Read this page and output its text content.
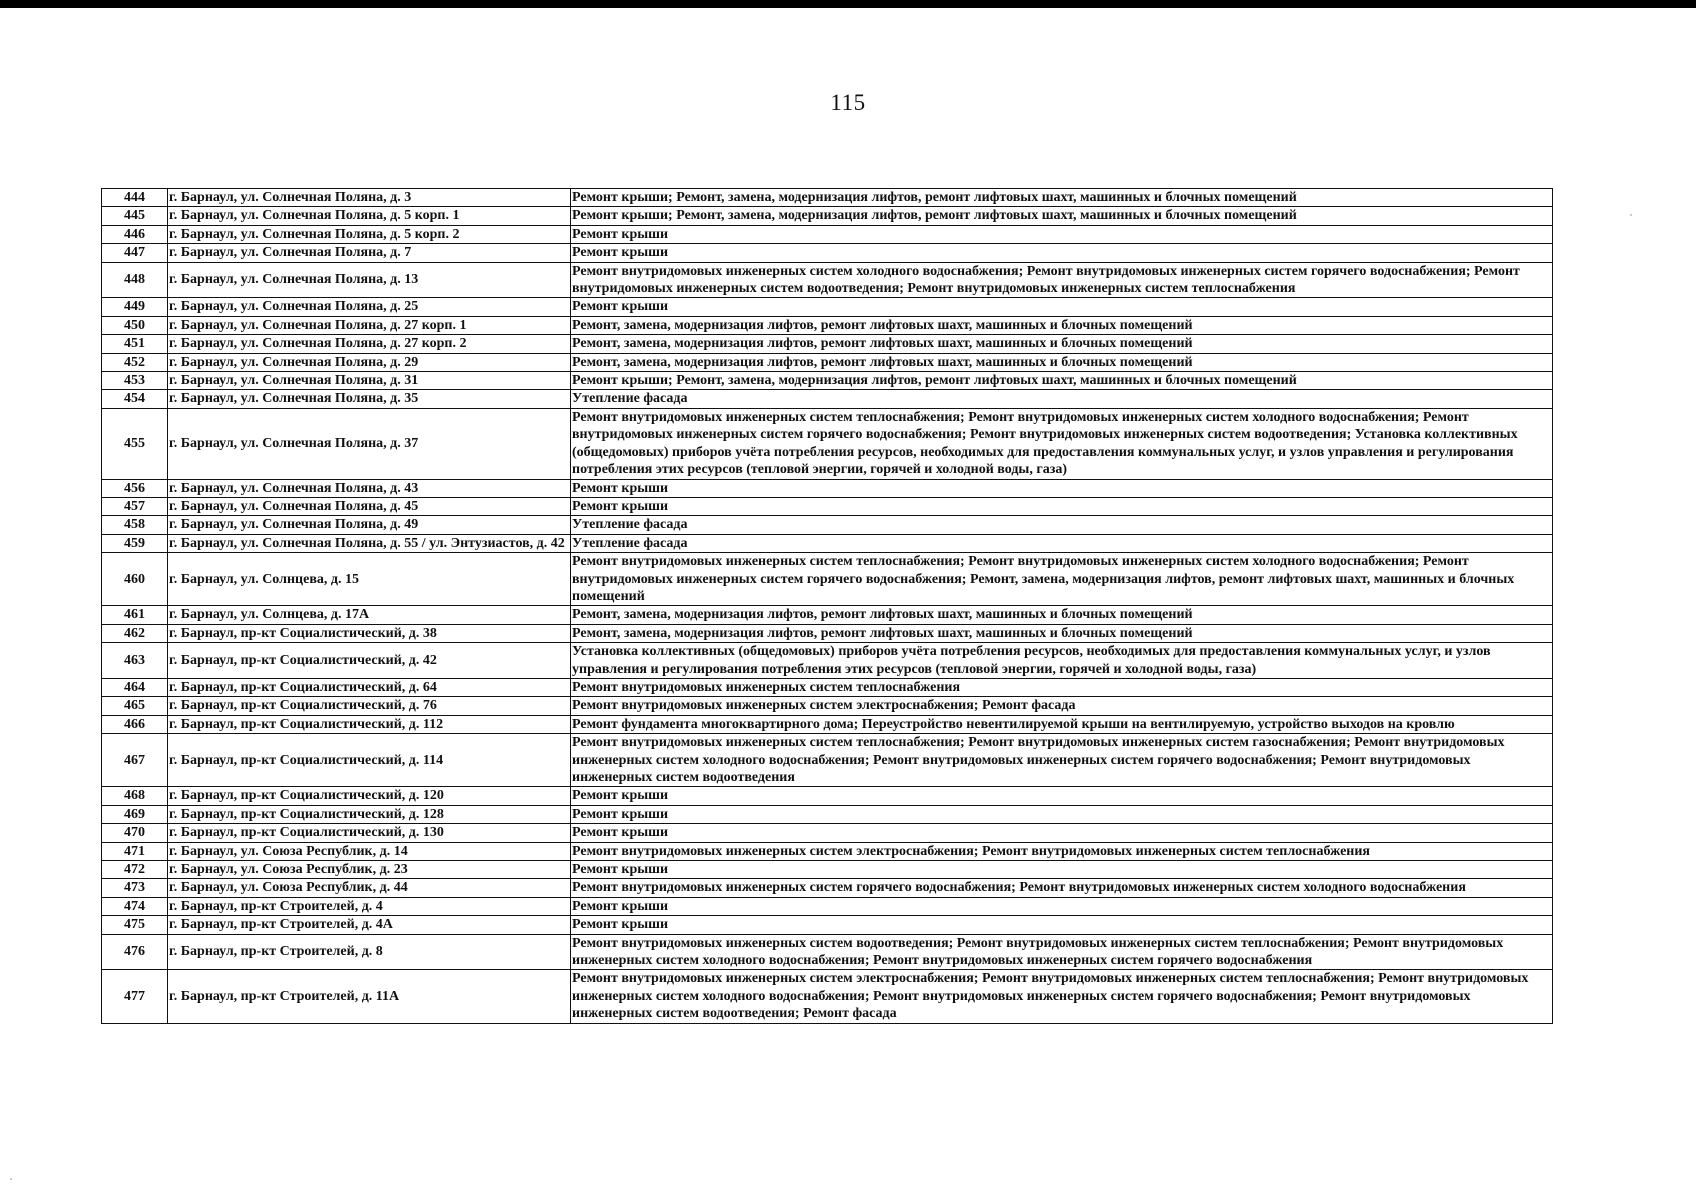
115
444	г. Барнаул, ул. Солнечная Поляна, д. 3	Ремонт крыши; Ремонт, замена, модернизация лифтов, ремонт лифтовых шахт, машинных и блочных помещений
445	г. Барнаул, ул. Солнечная Поляна, д. 5 корп. 1	Ремонт крыши; Ремонт, замена, модернизация лифтов, ремонт лифтовых шахт, машинных и блочных помещений
446	г. Барнаул, ул. Солнечная Поляна, д. 5 корп. 2	Ремонт крыши
447	г. Барнаул, ул. Солнечная Поляна, д. 7	Ремонт крыши
448	г. Барнаул, ул. Солнечная Поляна, д. 13	Ремонт внутридомовых инженерных систем холодного водоснабжения; Ремонт внутридомовых инженерных систем горячего водоснабжения; Ремонт внутридомовых инженерных систем водоотведения; Ремонт внутридомовых инженерных систем теплоснабжения
449	г. Барнаул, ул. Солнечная Поляна, д. 25	Ремонт крыши
450	г. Барнаул, ул. Солнечная Поляна, д. 27 корп. 1	Ремонт, замена, модернизация лифтов, ремонт лифтовых шахт, машинных и блочных помещений
451	г. Барнаул, ул. Солнечная Поляна, д. 27 корп. 2	Ремонт, замена, модернизация лифтов, ремонт лифтовых шахт, машинных и блочных помещений
452	г. Барнаул, ул. Солнечная Поляна, д. 29	Ремонт, замена, модернизация лифтов, ремонт лифтовых шахт, машинных и блочных помещений
453	г. Барнаул, ул. Солнечная Поляна, д. 31	Ремонт крыши; Ремонт, замена, модернизация лифтов, ремонт лифтовых шахт, машинных и блочных помещений
454	г. Барнаул, ул. Солнечная Поляна, д. 35	Утепление фасада
455	г. Барнаул, ул. Солнечная Поляна, д. 37	Ремонт внутридомовых инженерных систем теплоснабжения; Ремонт внутридомовых инженерных систем холодного водоснабжения; Ремонт внутридомовых инженерных систем горячего водоснабжения; Ремонт внутридомовых инженерных систем водоотведения; Установка коллективных (общедомовых) приборов учёта потребления ресурсов, необходимых для предоставления коммунальных услуг, и узлов управления и регулирования потребления этих ресурсов (тепловой энергии, горячей и холодной воды, газа)
456	г. Барнаул, ул. Солнечная Поляна, д. 43	Ремонт крыши
457	г. Барнаул, ул. Солнечная Поляна, д. 45	Ремонт крыши
458	г. Барнаул, ул. Солнечная Поляна, д. 49	Утепление фасада
459	г. Барнаул, ул. Солнечная Поляна, д. 55 / ул. Энтузиастов, д. 42	Утепление фасада
460	г. Барнаул, ул. Солнцева, д. 15	Ремонт внутридомовых инженерных систем теплоснабжения; Ремонт внутридомовых инженерных систем холодного водоснабжения; Ремонт внутридомовых инженерных систем горячего водоснабжения; Ремонт, замена, модернизация лифтов, ремонт лифтовых шахт, машинных и блочных помещений
461	г. Барнаул, ул. Солнцева, д. 17А	Ремонт, замена, модернизация лифтов, ремонт лифтовых шахт, машинных и блочных помещений
462	г. Барнаул, пр-кт Социалистический, д. 38	Ремонт, замена, модернизация лифтов, ремонт лифтовых шахт, машинных и блочных помещений
463	г. Барнаул, пр-кт Социалистический, д. 42	Установка коллективных (общедомовых) приборов учёта потребления ресурсов, необходимых для предоставления коммунальных услуг, и узлов управления и регулирования потребления этих ресурсов (тепловой энергии, горячей и холодной воды, газа)
464	г. Барнаул, пр-кт Социалистический, д. 64	Ремонт внутридомовых инженерных систем теплоснабжения
465	г. Барнаул, пр-кт Социалистический, д. 76	Ремонт внутридомовых инженерных систем электроснабжения; Ремонт фасада
466	г. Барнаул, пр-кт Социалистический, д. 112	Ремонт фундамента многоквартирного дома; Переустройство невентилируемой крыши на вентилируемую, устройство выходов на кровлю
467	г. Барнаул, пр-кт Социалистический, д. 114	Ремонт внутридомовых инженерных систем теплоснабжения; Ремонт внутридомовых инженерных систем газоснабжения; Ремонт внутридомовых инженерных систем холодного водоснабжения; Ремонт внутридомовых инженерных систем горячего водоснабжения; Ремонт внутридомовых инженерных систем водоотведения
468	г. Барнаул, пр-кт Социалистический, д. 120	Ремонт крыши
469	г. Барнаул, пр-кт Социалистический, д. 128	Ремонт крыши
470	г. Барнаул, пр-кт Социалистический, д. 130	Ремонт крыши
471	г. Барнаул, ул. Союза Республик, д. 14	Ремонт внутридомовых инженерных систем электроснабжения; Ремонт внутридомовых инженерных систем теплоснабжения
472	г. Барнаул, ул. Союза Республик, д. 23	Ремонт крыши
473	г. Барнаул, ул. Союза Республик, д. 44	Ремонт внутридомовых инженерных систем горячего водоснабжения; Ремонт внутридомовых инженерных систем холодного водоснабжения
474	г. Барнаул, пр-кт Строителей, д. 4	Ремонт крыши
475	г. Барнаул, пр-кт Строителей, д. 4А	Ремонт крыши
476	г. Барнаул, пр-кт Строителей, д. 8	Ремонт внутридомовых инженерных систем водоотведения; Ремонт внутридомовых инженерных систем теплоснабжения; Ремонт внутридомовых инженерных систем холодного водоснабжения; Ремонт внутридомовых инженерных систем горячего водоснабжения
477	г. Барнаул, пр-кт Строителей, д. 11А	Ремонт внутридомовых инженерных систем электроснабжения; Ремонт внутридомовых инженерных систем теплоснабжения; Ремонт внутридомовых инженерных систем холодного водоснабжения; Ремонт внутридомовых инженерных систем горячего водоснабжения; Ремонт внутридомовых инженерных систем водоотведения; Ремонт фасада
